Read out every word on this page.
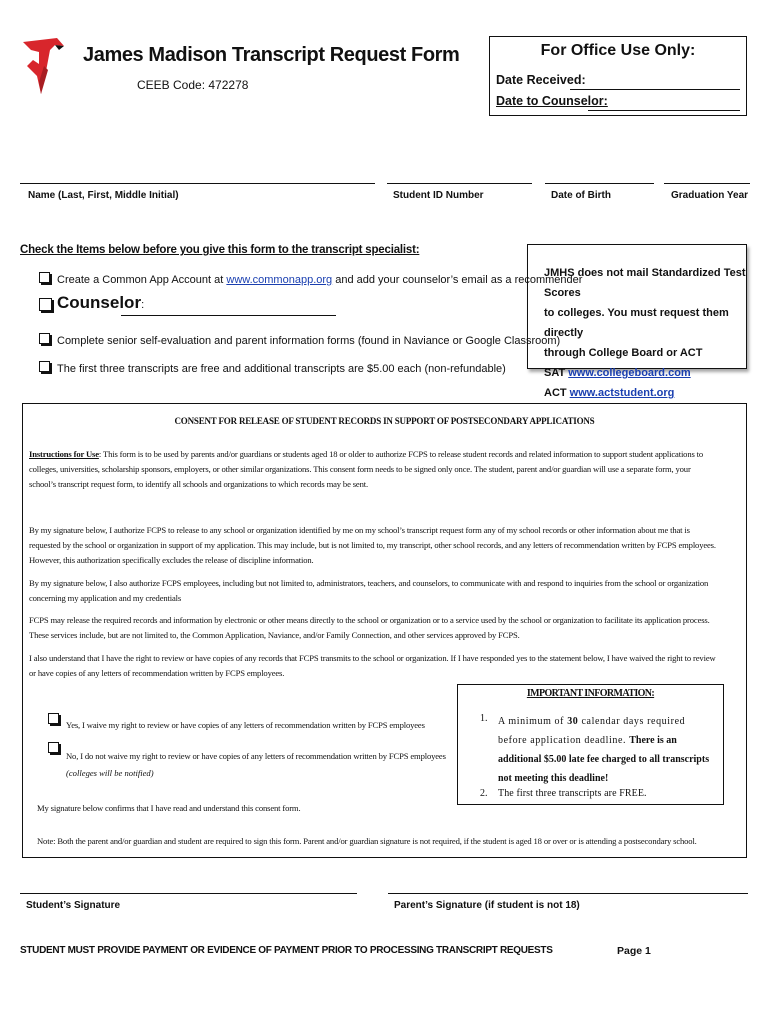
James Madison Transcript Request Form
CEEB Code: 472278
For Office Use Only:
Date Received:
Date to Counselor:
Name (Last, First, Middle Initial)	Student ID Number	Date of Birth	Graduation Year
Check the Items below before you give this form to the transcript specialist:
Create a Common App Account at www.commonapp.org and add your counselor’s email as a recommender
Counselor:
Complete senior self-evaluation and parent information forms (found in Naviance or Google Classroom)
The first three transcripts are free and additional transcripts are $5.00 each (non-refundable)
JMHS does not mail Standardized Test Scores
to colleges. You must request them directly
through College Board or ACT
SAT www.collegeboard.com
ACT www.actstudent.org
CONSENT FOR RELEASE OF STUDENT RECORDS IN SUPPORT OF POSTSECONDARY APPLICATIONS
Instructions for Use: This form is to be used by parents and/or guardians or students aged 18 or older to authorize FCPS to release student records and related information to support student applications to colleges, universities, scholarship sponsors, employers, or other similar organizations. This consent form needs to be signed only once. The student, parent and/or guardian will use a separate form, your school’s transcript request form, to identify all schools and organizations to which records may be sent.
By my signature below, I authorize FCPS to release to any school or organization identified by me on my school’s transcript request form any of my school records or other information about me that is requested by the school or organization in support of my application. This may include, but is not limited to, my transcript, other school records, and any letters of recommendation written by FCPS employees. However, this authorization specifically excludes the release of discipline information.
By my signature below, I also authorize FCPS employees, including but not limited to, administrators, teachers, and counselors, to communicate with and respond to inquiries from the school or organization concerning my application and my credentials
FCPS may release the required records and information by electronic or other means directly to the school or organization or to a service used by the school or organization to facilitate its application process. These services include, but are not limited to, the Common Application, Naviance, and/or Family Connection, and other services approved by FCPS.
I also understand that I have the right to review or have copies of any records that FCPS transmits to the school or organization. If I have responded yes to the statement below, I have waived the right to review or have copies of any letters of recommendation written by FCPS employees.
Yes, I waive my right to review or have copies of any letters of recommendation written by FCPS employees
No, I do not waive my right to review or have copies of any letters of recommendation written by FCPS employees
(colleges will be notified)
IMPORTANT INFORMATION:
1. A minimum of 30 calendar days required before application deadline. There is an additional $5.00 late fee charged to all transcripts not meeting this deadline!
2. The first three transcripts are FREE.
My signature below confirms that I have read and understand this consent form.
Note: Both the parent and/or guardian and student are required to sign this form. Parent and/or guardian signature is not required, if the student is aged 18 or over or is attending a postsecondary school.
Student’s Signature	Parent’s Signature (if student is not 18)
STUDENT MUST PROVIDE PAYMENT OR EVIDENCE OF PAYMENT PRIOR TO PROCESSING TRANSCRIPT REQUESTS	Page 1
